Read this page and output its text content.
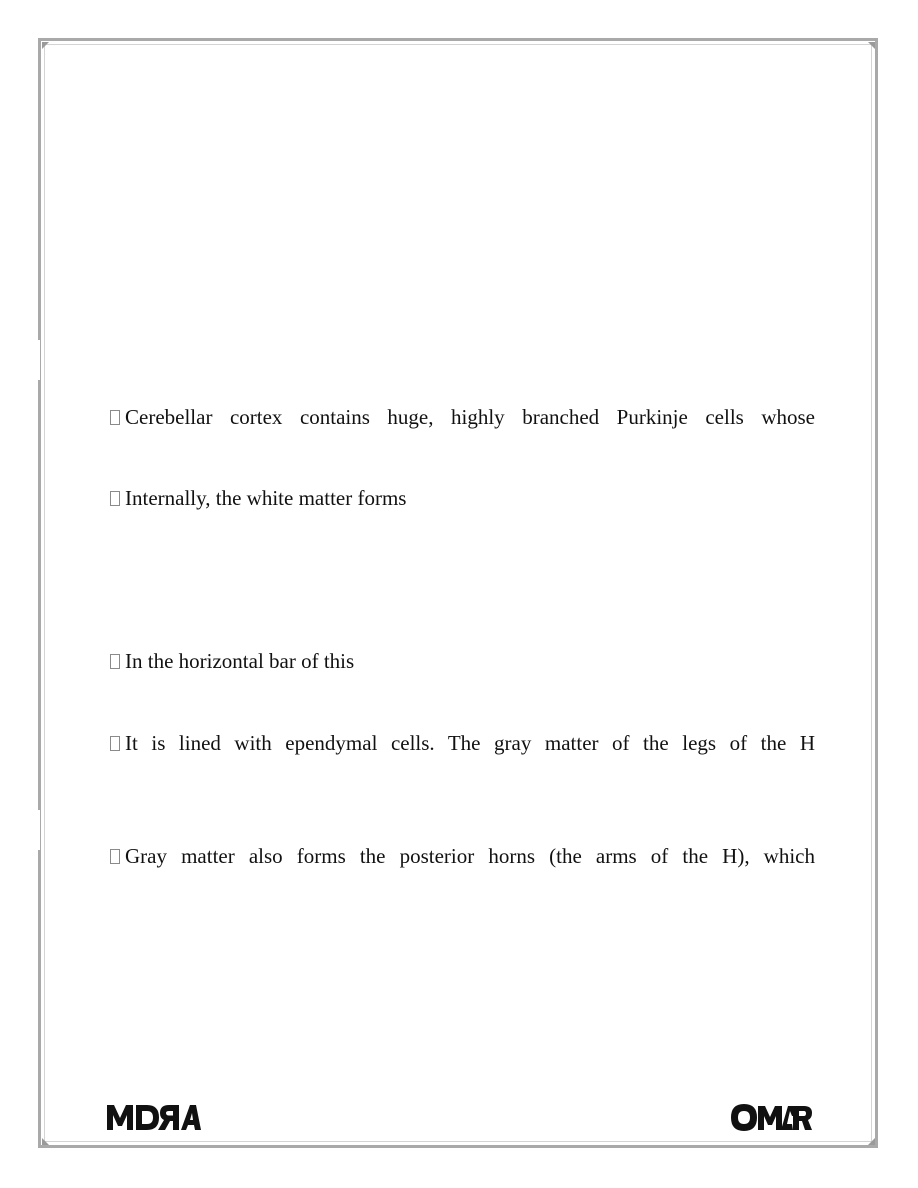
Cerebellar cortex contains huge, highly branched Purkinje cells whose
Internally, the white matter forms
In the horizontal bar of this
It is lined with ependymal cells. The gray matter of the legs of the H
Gray matter also forms the posterior horns (the arms of the H), which
